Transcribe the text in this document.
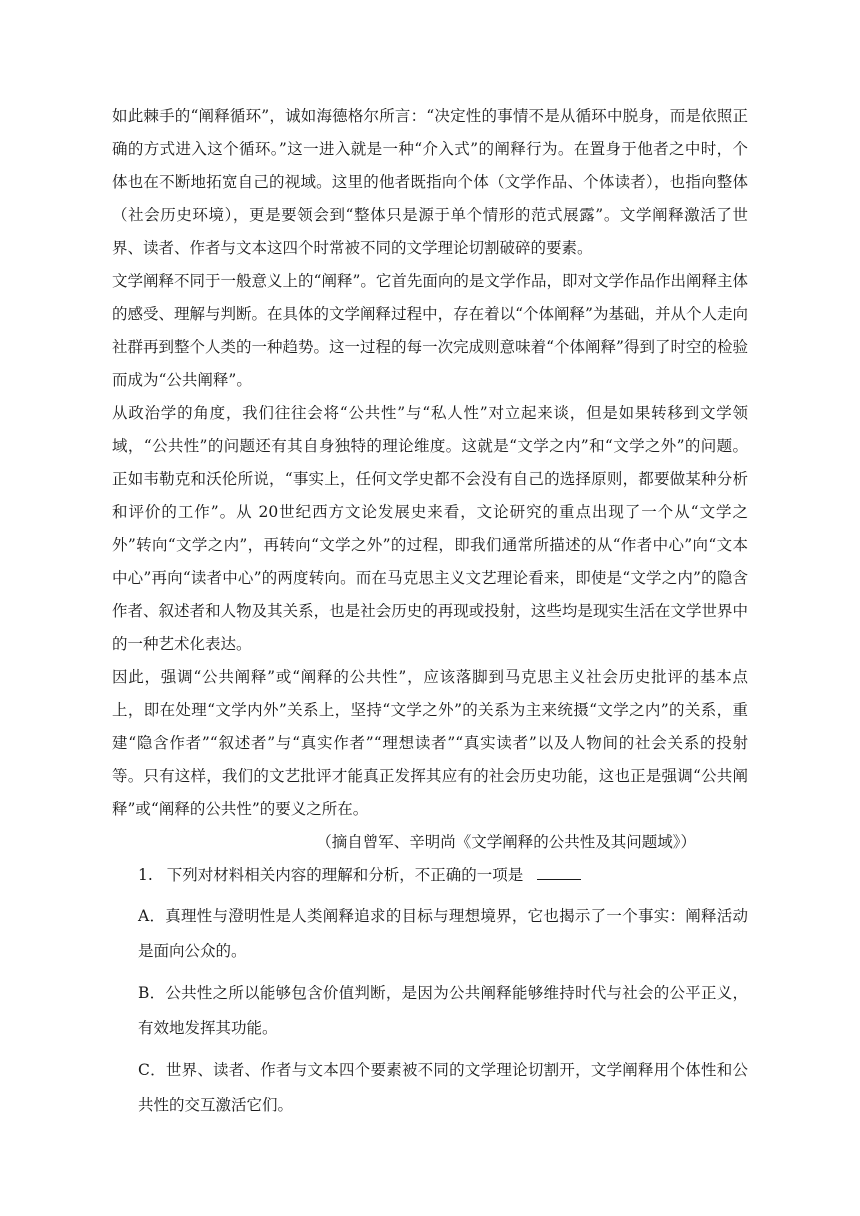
如此棘手的“阐释循环”，诚如海德格尔所言：“决定性的事情不是从循环中脱身，而是依照正确的方式进入这个循环。”这一进入就是一种“介入式”的阐释行为。在置身于他者之中时，个体也在不断地拓宽自己的视域。这里的他者既指向个体（文学作品、个体读者），也指向整体（社会历史环境），更是要领会到“整体只是源于单个情形的范式展露”。文学阐释激活了世界、读者、作者与文本这四个时常被不同的文学理论切割破碎的要素。

文学阐释不同于一般意义上的“阐释”。它首先面向的是文学作品，即对文学作品作出阐释主体的感受、理解与判断。在具体的文学阐释过程中，存在着以“个体阐释”为基础，并从个人走向社群再到整个人类的一种趋势。这一过程的每一次完成则意味着“个体阐释”得到了时空的检验而成为“公共阐释”。

从政治学的角度，我们往往会将“公共性”与“私人性”对立起来谈，但是如果转移到文学领域，“公共性”的问题还有其自身独特的理论维度。这就是“文学之内”和“文学之外”的问题。正如韦勒克和沃伦所说，“事实上，任何文学史都不会没有自己的选择原则，都要做某种分析和评价的工作”。从 20世纪西方文论发展史来看，文论研究的重点出现了一个从“文学之外”转向“文学之内”，再转向“文学之外”的过程，即我们通常所描述的从“作者中心”向“文本中心”再向“读者中心”的两度转向。而在马克思主义文艺理论看来，即使是“文学之内”的隐含作者、叙述者和人物及其关系，也是社会历史的再现或投射，这些均是现实生活在文学世界中的一种艺术化表达。

因此，强调“公共阐释”或“阐释的公共性”，应该落脚到马克思主义社会历史批评的基本点上，即在处理“文学内外”关系上，坚持“文学之外”的关系为主来统摄“文学之内”的关系，重建“隐含作者”“叙述者”与“真实作者”“理想读者”“真实读者”以及人物间的社会关系的投射等。只有这样，我们的文艺批评才能真正发挥其应有的社会历史功能，这也正是强调“公共阐释”或“阐释的公共性”的要义之所在。

（摘自曾军、辛明尚《文学阐释的公共性及其问题域》）

1. 下列对材料相关内容的理解和分析，不正确的一项是

A．真理性与澄明性是人类阐释追求的目标与理想境界，它也揭示了一个事实：阐释活动是面向公众的。

B．公共性之所以能够包含价值判断，是因为公共阐释能够维持时代与社会的公平正义，有效地发挥其功能。

C．世界、读者、作者与文本四个要素被不同的文学理论切割开，文学阐释用个体性和公共性的交互激活它们。
